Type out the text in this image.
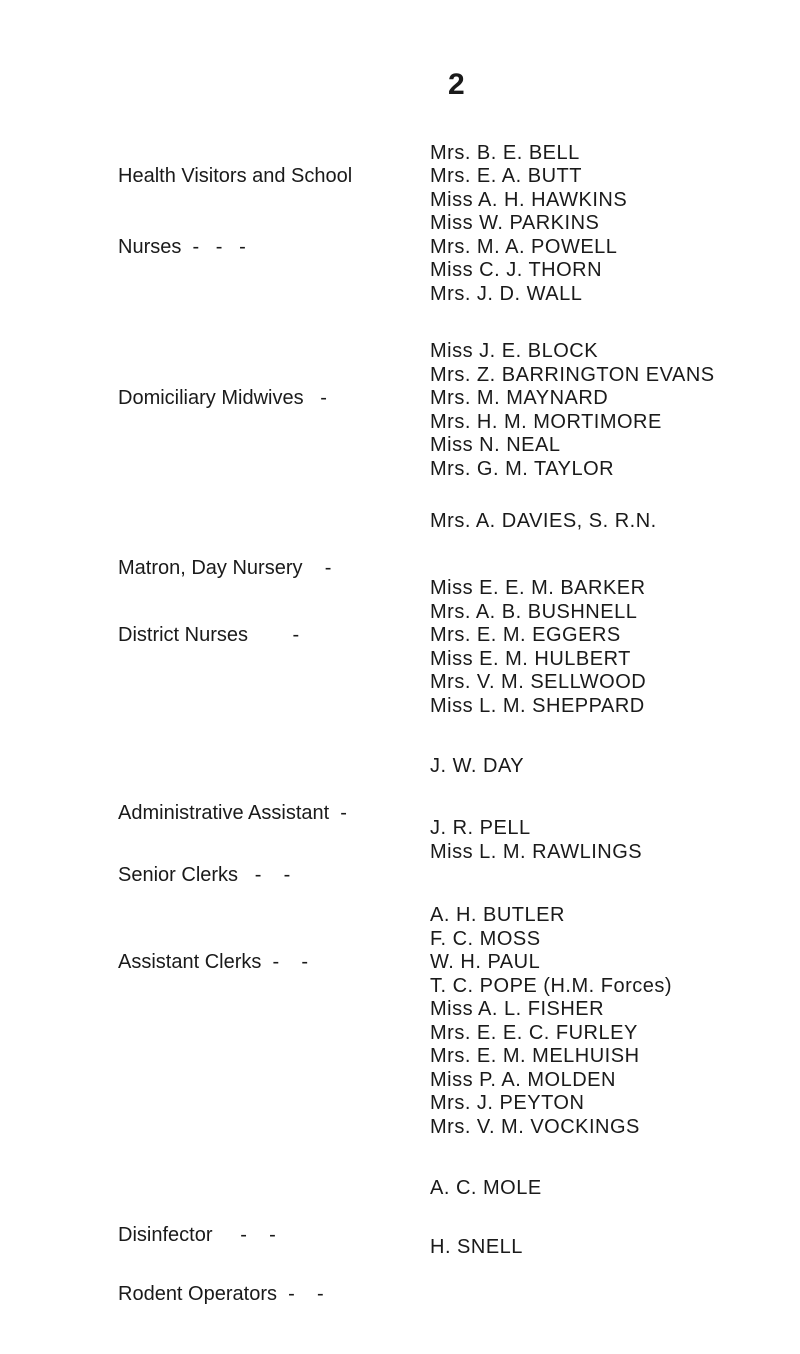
2

Health Visitors and School

Nurses  -   -   -

Mrs. B. E. BELL
Mrs. E. A. BUTT
Miss A. H. HAWKINS
Miss W. PARKINS
Mrs. M. A. POWELL
Miss C. J. THORN
Mrs. J. D. WALL

Domiciliary Midwives   -

Miss J. E. BLOCK
Mrs. Z. BARRINGTON EVANS
Mrs. M. MAYNARD
Mrs. H. M. MORTIMORE
Miss N. NEAL
Mrs. G. M. TAYLOR

Matron, Day Nursery    -

Mrs. A. DAVIES, S. R.N.

District Nurses        -

Miss E. E. M. BARKER
Mrs. A. B. BUSHNELL
Mrs. E. M. EGGERS
Miss E. M. HULBERT
Mrs. V. M. SELLWOOD
Miss L. M. SHEPPARD

Administrative Assistant  -

J. W. DAY

Senior Clerks   -    -

J. R. PELL
Miss L. M. RAWLINGS

Assistant Clerks  -    -

A. H. BUTLER
F. C. MOSS
W. H. PAUL
T. C. POPE (H.M. Forces)
Miss A. L. FISHER
Mrs. E. E. C. FURLEY
Mrs. E. M. MELHUISH
Miss P. A. MOLDEN
Mrs. J. PEYTON
Mrs. V. M. VOCKINGS

Disinfector     -    -

A. C. MOLE

Rodent Operators  -    -

H. SNELL
